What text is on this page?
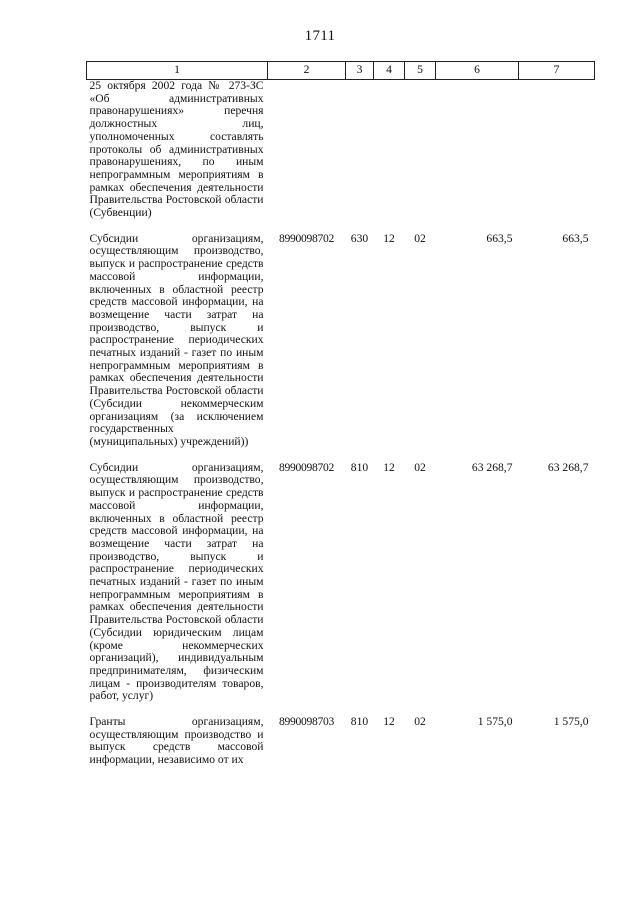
1711
1	2	3	4	5	6	7
25 октября 2002 года № 273-ЗС «Об административных правонарушениях» перечня должностных лиц, уполномоченных составлять протоколы об административных правонарушениях, по иным непрограммным мероприятиям в рамках обеспечения деятельности Правительства Ростовской области (Субвенции)						

Субсидии организациям, осуществляющим производство, выпуск и распространение средств массовой информации, включенных в областной реестр средств массовой информации, на возмещение части затрат на производство, выпуск и распространение периодических печатных изданий - газет по иным непрограммным мероприятиям в рамках обеспечения деятельности Правительства Ростовской области (Субсидии некоммерческим организациям (за исключением государственных (муниципальных) учреждений))	8990098702	630	12	02	663,5	663,5

Субсидии организациям, осуществляющим производство, выпуск и распространение средств массовой информации, включенных в областной реестр средств массовой информации, на возмещение части затрат на производство, выпуск и распространение периодических печатных изданий - газет по иным непрограммным мероприятиям в рамках обеспечения деятельности Правительства Ростовской области (Субсидии юридическим лицам (кроме некоммерческих организаций), индивидуальным предпринимателям, физическим лицам - производителям товаров, работ, услуг)	8990098702	810	12	02	63 268,7	63 268,7

Гранты организациям, осуществляющим производство и выпуск средств массовой информации, независимо от их	8990098703	810	12	02	1 575,0	1 575,0
